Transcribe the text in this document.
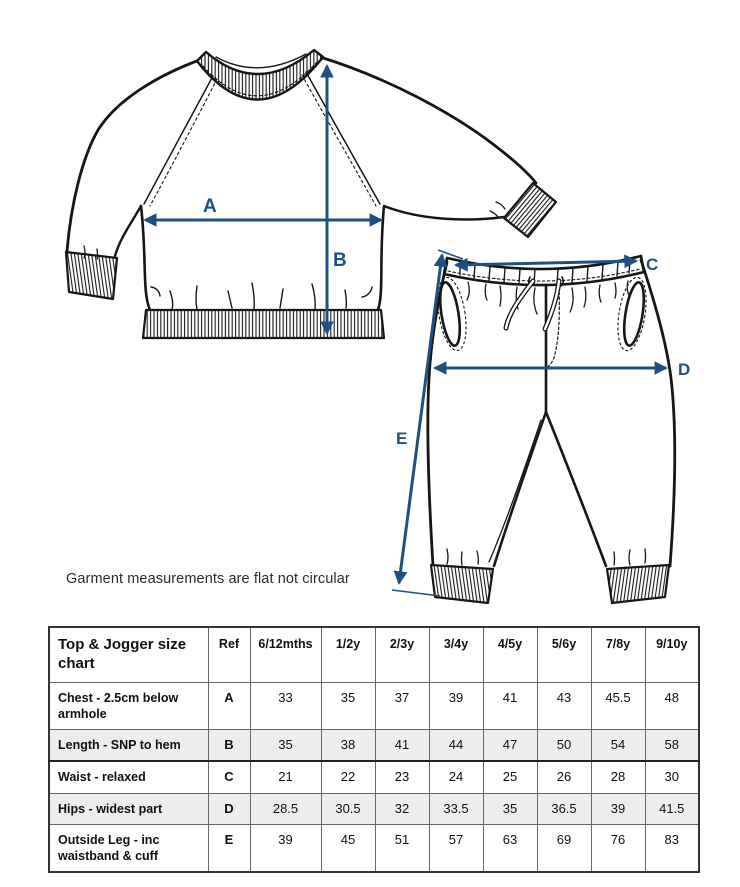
A
B	C
D
E
Garment measurements are flat not circular
Top & Jogger size chart	Ref	6/12mths	1/2y	2/3y	3/4y	4/5y	5/6y	7/8y	9/10y
Chest - 2.5cm below armhole	A	33	35	37	39	41	43	45.5	48
Length - SNP to hem	B	35	38	41	44	47	50	54	58
Waist - relaxed	C	21	22	23	24	25	26	28	30
Hips - widest part	D	28.5	30.5	32	33.5	35	36.5	39	41.5
Outside Leg - inc waistband & cuff	E	39	45	51	57	63	69	76	83
